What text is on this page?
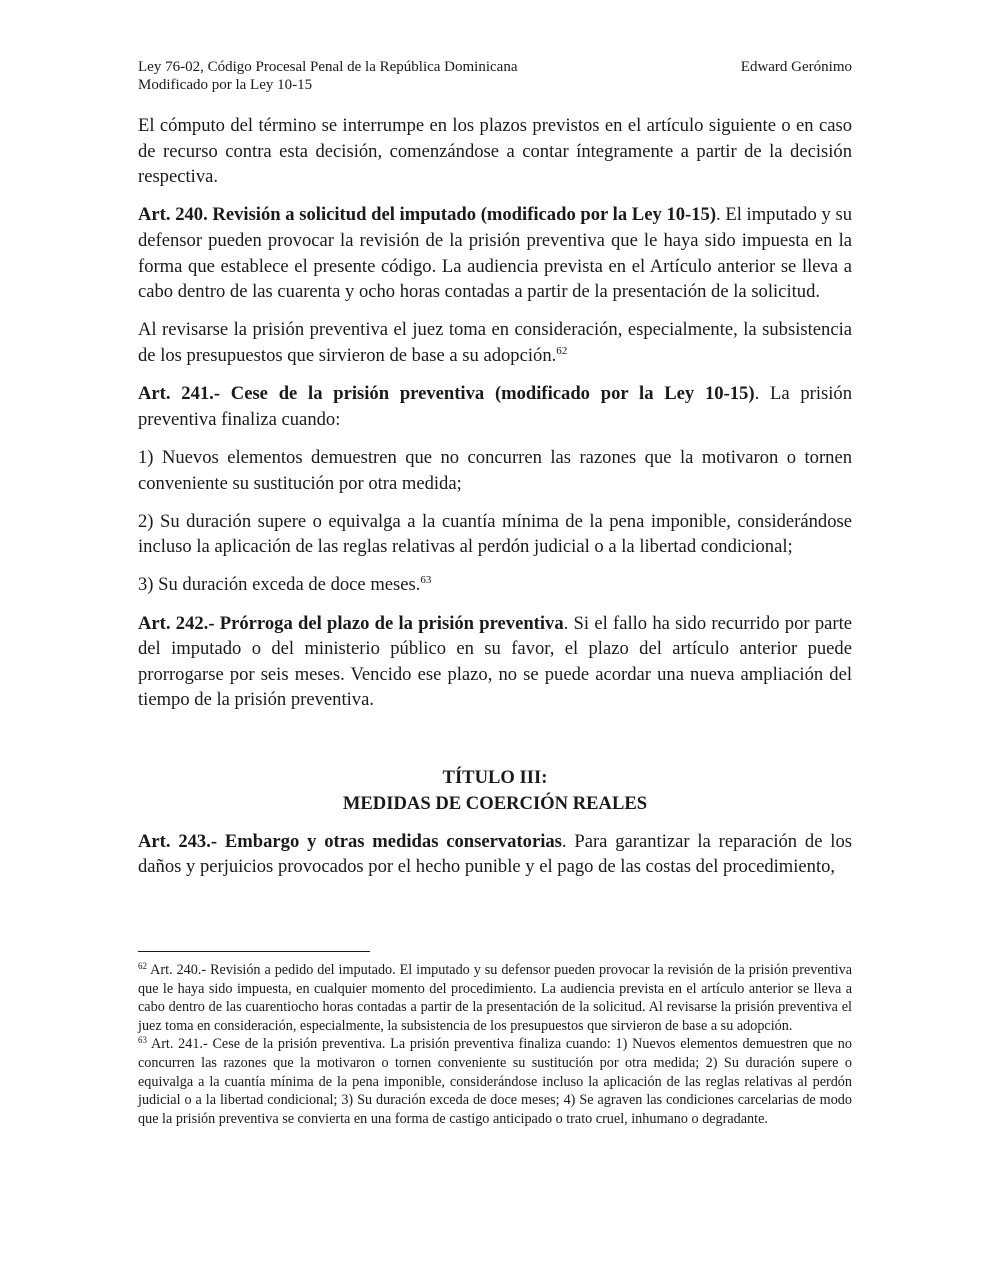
Ley 76-02, Código Procesal Penal de la República Dominicana
Modificado por la Ley 10-15
Edward Gerónimo

El cómputo del término se interrumpe en los plazos previstos en el artículo siguiente o en caso de recurso contra esta decisión, comenzándose a contar íntegramente a partir de la decisión respectiva.

Art. 240. Revisión a solicitud del imputado (modificado por la Ley 10-15). El imputado y su defensor pueden provocar la revisión de la prisión preventiva que le haya sido impuesta en la forma que establece el presente código. La audiencia prevista en el Artículo anterior se lleva a cabo dentro de las cuarenta y ocho horas contadas a partir de la presentación de la solicitud.

Al revisarse la prisión preventiva el juez toma en consideración, especialmente, la subsistencia de los presupuestos que sirvieron de base a su adopción.$^{62}$

Art. 241.- Cese de la prisión preventiva (modificado por la Ley 10-15). La prisión preventiva finaliza cuando:

1) Nuevos elementos demuestren que no concurren las razones que la motivaron o tornen conveniente su sustitución por otra medida;

2) Su duración supere o equivalga a la cuantía mínima de la pena imponible, considerándose incluso la aplicación de las reglas relativas al perdón judicial o a la libertad condicional;

3) Su duración exceda de doce meses.$^{63}$

Art. 242.- Prórroga del plazo de la prisión preventiva. Si el fallo ha sido recurrido por parte del imputado o del ministerio público en su favor, el plazo del artículo anterior puede prorrogarse por seis meses. Vencido ese plazo, no se puede acordar una nueva ampliación del tiempo de la prisión preventiva.

TÍTULO III:
MEDIDAS DE COERCIÓN REALES

Art. 243.- Embargo y otras medidas conservatorias. Para garantizar la reparación de los daños y perjuicios provocados por el hecho punible y el pago de las costas del procedimiento,

$^{62}$ Art. 240.- Revisión a pedido del imputado. El imputado y su defensor pueden provocar la revisión de la prisión preventiva que le haya sido impuesta, en cualquier momento del procedimiento. La audiencia prevista en el artículo anterior se lleva a cabo dentro de las cuarentiocho horas contadas a partir de la presentación de la solicitud. Al revisarse la prisión preventiva el juez toma en consideración, especialmente, la subsistencia de los presupuestos que sirvieron de base a su adopción.

$^{63}$ Art. 241.- Cese de la prisión preventiva. La prisión preventiva finaliza cuando: 1) Nuevos elementos demuestren que no concurren las razones que la motivaron o tornen conveniente su sustitución por otra medida; 2) Su duración supere o equivalga a la cuantía mínima de la pena imponible, considerándose incluso la aplicación de las reglas relativas al perdón judicial o a la libertad condicional; 3) Su duración exceda de doce meses; 4) Se agraven las condiciones carcelarias de modo que la prisión preventiva se convierta en una forma de castigo anticipado o trato cruel, inhumano o degradante.
